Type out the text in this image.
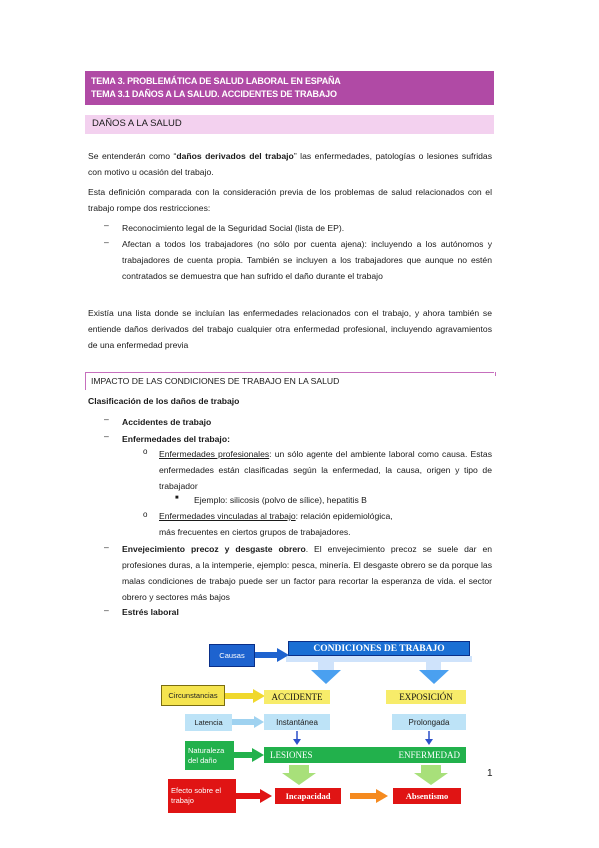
TEMA 3. PROBLEMÁTICA DE SALUD LABORAL EN ESPAÑA
TEMA 3.1 DAÑOS A LA SALUD. ACCIDENTES DE TRABAJO
DAÑOS A LA SALUD
Se entenderán como “daños derivados del trabajo” las enfermedades, patologías o lesiones sufridas con motivo u ocasión del trabajo.
Esta definición comparada con la consideración previa de los problemas de salud relacionados con el trabajo rompe dos restricciones:
– Reconocimiento legal de la Seguridad Social (lista de EP).
– Afectan a todos los trabajadores (no sólo por cuenta ajena): incluyendo a los autónomos y trabajadores de cuenta propia. También se incluyen a los trabajadores que aunque no estén contratados se demuestra que han sufrido el daño durante el trabajo
Existía una lista donde se incluían las enfermedades relacionados con el trabajo, y ahora también se entiende daños derivados del trabajo cualquier otra enfermedad profesional, incluyendo agravamientos de una enfermedad previa
IMPACTO DE LAS CONDICIONES DE TRABAJO EN LA SALUD
Clasificación de los daños de trabajo
– Accidentes de trabajo
– Enfermedades del trabajo:
o Enfermedades profesionales: un sólo agente del ambiente laboral como causa. Estas enfermedades están clasificadas según la enfermedad, la causa, origen y tipo de trabajador
■ Ejemplo: silicosis (polvo de sílice), hepatitis B
o Enfermedades vinculadas al trabajo: relación epidemiológica,
más frecuentes en ciertos grupos de trabajadores.
– Envejecimiento precoz y desgaste obrero. El envejecimiento precoz se suele dar en profesiones duras, a la intemperie, ejemplo: pesca, minería. El desgaste obrero se da porque las malas condiciones de trabajo puede ser un factor para recortar la esperanza de vida. el sector obrero y sectores más bajos
– Estrés laboral
CONDICIONES DE TRABAJO
Causas
Circunstancias	ACCIDENTE	EXPOSICIÓN
Latencia	Instantánea	Prolongada
Naturaleza del daño	LESIONES	ENFERMEDAD
Efecto sobre el trabajo	Incapacidad	Absentismo
1
